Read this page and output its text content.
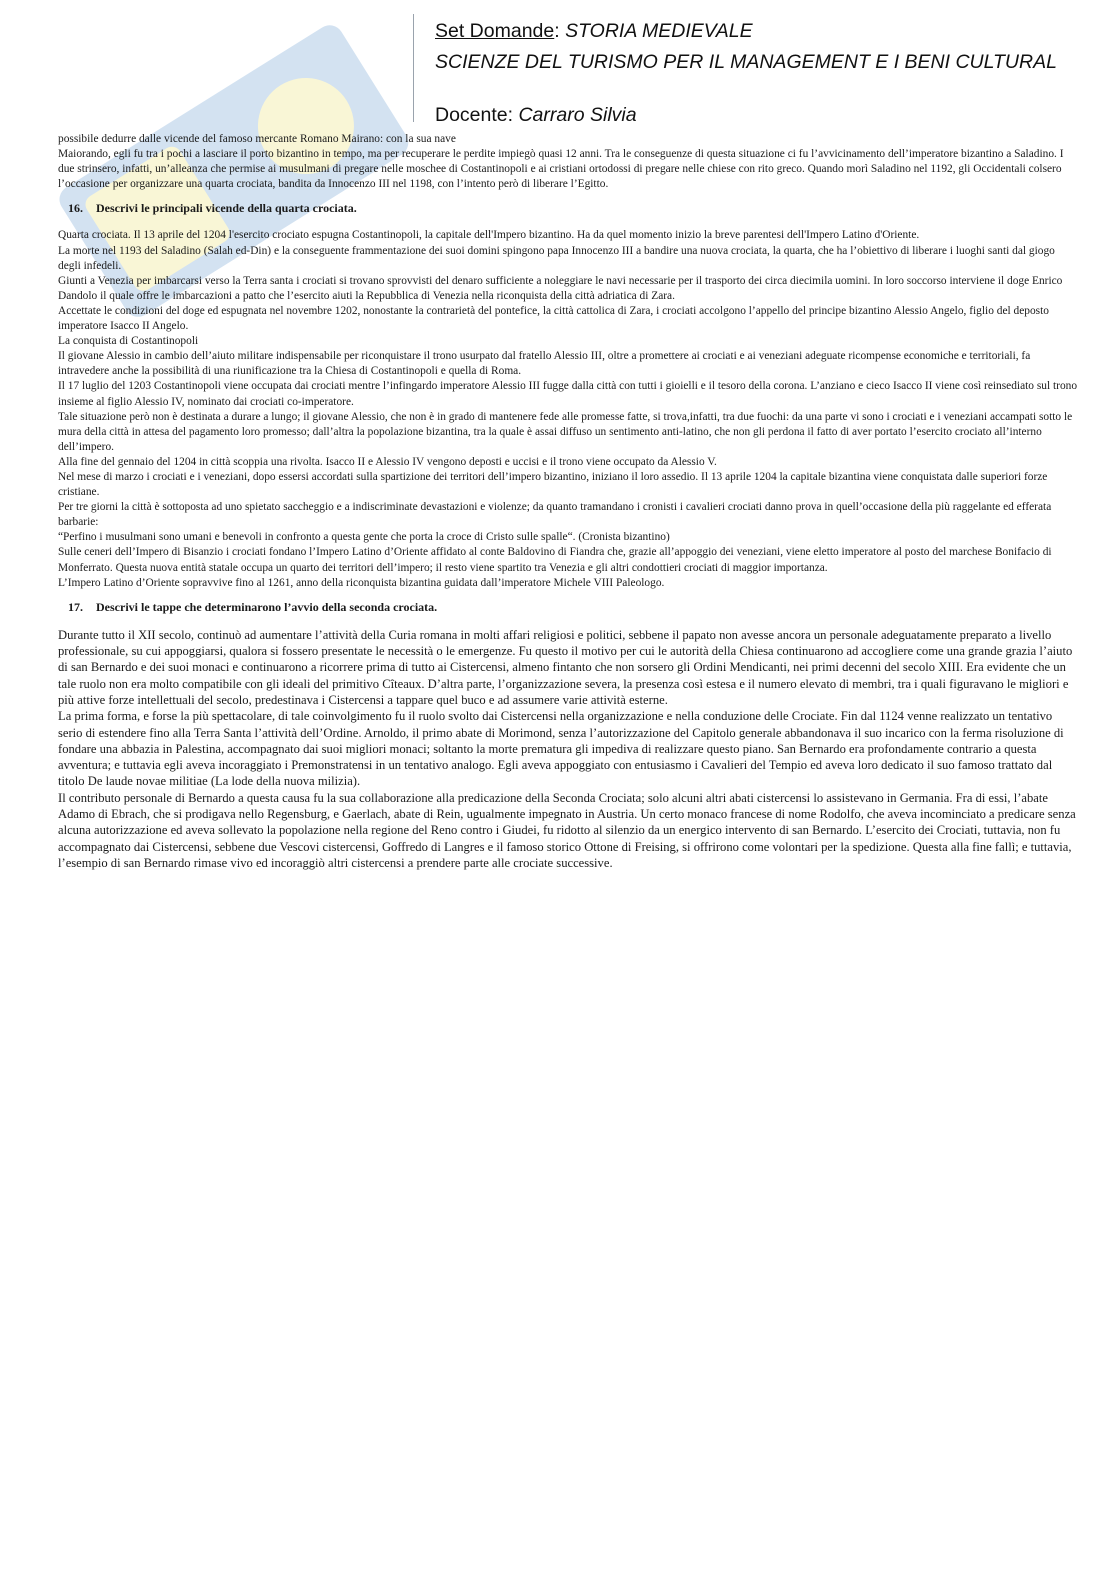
Set Domande: STORIA MEDIEVALE
SCIENZE DEL TURISMO PER IL MANAGEMENT E I BENI CULTURAL
Docente: Carraro Silvia

possibile dedurre dalle vicende del famoso mercante Romano Mairano: con la sua nave

Maiorando, egli fu tra i pochi a lasciare il porto bizantino in tempo, ma per recuperare le perdite impiegò quasi 12 anni. Tra le conseguenze di questa situazione ci fu l’avvicinamento dell’imperatore bizantino a Saladino. I due strinsero, infatti, un’alleanza che permise ai musulmani di pregare nelle moschee di Costantinopoli e ai cristiani ortodossi di pregare nelle chiese con rito greco. Quando morì Saladino nel 1192, gli Occidentali colsero l’occasione per organizzare una quarta crociata, bandita da Innocenzo III nel 1198, con l’intento però di liberare l’Egitto.

16. Descrivi le principali vicende della quarta crociata.

Quarta crociata. Il 13 aprile del 1204 l'esercito crociato espugna Costantinopoli, la capitale dell'Impero bizantino. Ha da quel momento inizio la breve parentesi dell'Impero Latino d'Oriente.

La morte nel 1193 del Saladino (Salah ed-Din) e la conseguente frammentazione dei suoi domini spingono papa Innocenzo III a bandire una nuova crociata, la quarta, che ha l’obiettivo di liberare i luoghi santi dal giogo degli infedeli.

Giunti a Venezia per imbarcarsi verso la Terra santa i crociati si trovano sprovvisti del denaro sufficiente a noleggiare le navi necessarie per il trasporto dei circa diecimila uomini. In loro soccorso interviene il doge Enrico Dandolo il quale offre le imbarcazioni a patto che l’esercito aiuti la Repubblica di Venezia nella riconquista della città adriatica di Zara.

Accettate le condizioni del doge ed espugnata nel novembre 1202, nonostante la contrarietà del pontefice, la città cattolica di Zara, i crociati accolgono l’appello del principe bizantino Alessio Angelo, figlio del deposto imperatore Isacco II Angelo.

La conquista di Costantinopoli

Il giovane Alessio in cambio dell’aiuto militare indispensabile per riconquistare il trono usurpato dal fratello Alessio III, oltre a promettere ai crociati e ai veneziani adeguate ricompense economiche e territoriali, fa intravedere anche la possibilità di una riunificazione tra la Chiesa di Costantinopoli e quella di Roma.

Il 17 luglio del 1203 Costantinopoli viene occupata dai crociati mentre l’infingardo imperatore Alessio III fugge dalla città con tutti i gioielli e il tesoro della corona. L’anziano e cieco Isacco II viene così reinsediato sul trono insieme al figlio Alessio IV, nominato dai crociati co-imperatore.

Tale situazione però non è destinata a durare a lungo; il giovane Alessio, che non è in grado di mantenere fede alle promesse fatte, si trova,infatti, tra due fuochi: da una parte vi sono i crociati e i veneziani accampati sotto le mura della città in attesa del pagamento loro promesso; dall’altra la popolazione bizantina, tra la quale è assai diffuso un sentimento anti-latino, che non gli perdona il fatto di aver portato l’esercito crociato all’interno dell’impero.

Alla fine del gennaio del 1204 in città scoppia una rivolta. Isacco II e Alessio IV vengono deposti e uccisi e il trono viene occupato da Alessio V.

Nel mese di marzo i crociati e i veneziani, dopo essersi accordati sulla spartizione dei territori dell’impero bizantino, iniziano il loro assedio. Il 13 aprile 1204 la capitale bizantina viene conquistata dalle superiori forze cristiane.

Per tre giorni la città è sottoposta ad uno spietato saccheggio e a indiscriminate devastazioni e violenze; da quanto tramandano i cronisti i cavalieri crociati danno prova in quell’occasione della più raggelante ed efferata barbarie:

“Perfino i musulmani sono umani e benevoli in confronto a questa gente che porta la croce di Cristo sulle spalle“. (Cronista bizantino)

Sulle ceneri dell’Impero di Bisanzio i crociati fondano l’Impero Latino d’Oriente affidato al conte Baldovino di Fiandra che, grazie all’appoggio dei veneziani, viene eletto imperatore al posto del marchese Bonifacio di Monferrato. Questa nuova entità statale occupa un quarto dei territori dell’impero; il resto viene spartito tra Venezia e gli altri condottieri crociati di maggior importanza.

L’Impero Latino d’Oriente sopravvive fino al 1261, anno della riconquista bizantina guidata dall’imperatore Michele VIII Paleologo.

17. Descrivi le tappe che determinarono l’avvio della seconda crociata.

Durante tutto il XII secolo, continuò ad aumentare l’attività della Curia romana in molti affari religiosi e politici, sebbene il papato non avesse ancora un personale adeguatamente preparato a livello professionale, su cui appoggiarsi, qualora si fossero presentate le necessità o le emergenze. Fu questo il motivo per cui le autorità della Chiesa continuarono ad accogliere come una grande grazia l’aiuto di san Bernardo e dei suoi monaci e continuarono a ricorrere prima di tutto ai Cistercensi, almeno fintanto che non sorsero gli Ordini Mendicanti, nei primi decenni del secolo XIII. Era evidente che un tale ruolo non era molto compatibile con gli ideali del primitivo Cîteaux. D’altra parte, l’organizzazione severa, la presenza così estesa e il numero elevato di membri, tra i quali figuravano le migliori e più attive forze intellettuali del secolo, predestinava i Cistercensi a tappare quel buco e ad assumere varie attività esterne.

La prima forma, e forse la più spettacolare, di tale coinvolgimento fu il ruolo svolto dai Cistercensi nella organizzazione e nella conduzione delle Crociate. Fin dal 1124 venne realizzato un tentativo serio di estendere fino alla Terra Santa l’attività dell’Ordine. Arnoldo, il primo abate di Morimond, senza l’autorizzazione del Capitolo generale abbandonava il suo incarico con la ferma risoluzione di fondare una abbazia in Palestina, accompagnato dai suoi migliori monaci; soltanto la morte prematura gli impediva di realizzare questo piano. San Bernardo era profondamente contrario a questa avventura; e tuttavia egli aveva incoraggiato i Premonstratensi in un tentativo analogo. Egli aveva appoggiato con entusiasmo i Cavalieri del Tempio ed aveva loro dedicato il suo famoso trattato dal titolo De laude novae militiae (La lode della nuova milizia).

Il contributo personale di Bernardo a questa causa fu la sua collaborazione alla predicazione della Seconda Crociata; solo alcuni altri abati cistercensi lo assistevano in Germania. Fra di essi, l’abate Adamo di Ebrach, che si prodigava nello Regensburg, e Gaerlach, abate di Rein, ugualmente impegnato in Austria. Un certo monaco francese di nome Rodolfo, che aveva incominciato a predicare senza alcuna autorizzazione ed aveva sollevato la popolazione nella regione del Reno contro i Giudei, fu ridotto al silenzio da un energico intervento di san Bernardo. L’esercito dei Crociati, tuttavia, non fu accompagnato dai Cistercensi, sebbene due Vescovi cistercensi, Goffredo di Langres e il famoso storico Ottone di Freising, si offrirono come volontari per la spedizione. Questa alla fine fallì; e tuttavia, l’esempio di san Bernardo rimase vivo ed incoraggiò altri cistercensi a prendere parte alle crociate successive.
